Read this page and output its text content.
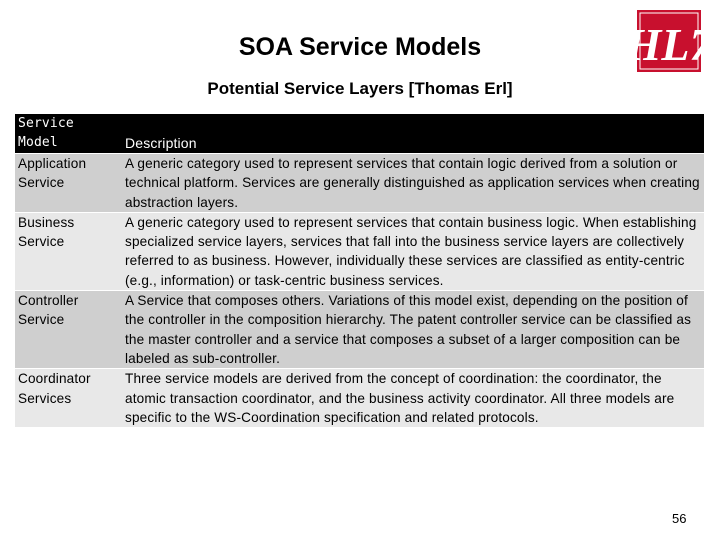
SOA Service Models
Potential Service Layers [Thomas Erl]
HL7
Service Model	Description
Application Service	A generic category used to represent services that contain logic derived from a solution or technical platform. Services are generally distinguished as application services when creating abstraction layers.
Business Service	A generic category used to represent services that contain business logic. When establishing specialized service layers, services that fall into the business service layers are collectively referred to as business. However, individually these services are classified as entity-centric (e.g., information) or task-centric business services.
Controller Service	A Service that composes others. Variations of this model exist, depending on the position of the controller in the composition hierarchy. The patent controller service can be classified as the master controller and a service that composes a subset of a larger composition can be labeled as sub-controller.
Coordinator Services	Three service models are derived from the concept of coordination: the coordinator, the atomic transaction coordinator, and the business activity coordinator. All three models are specific to the WS-Coordination specification and related protocols.
56
